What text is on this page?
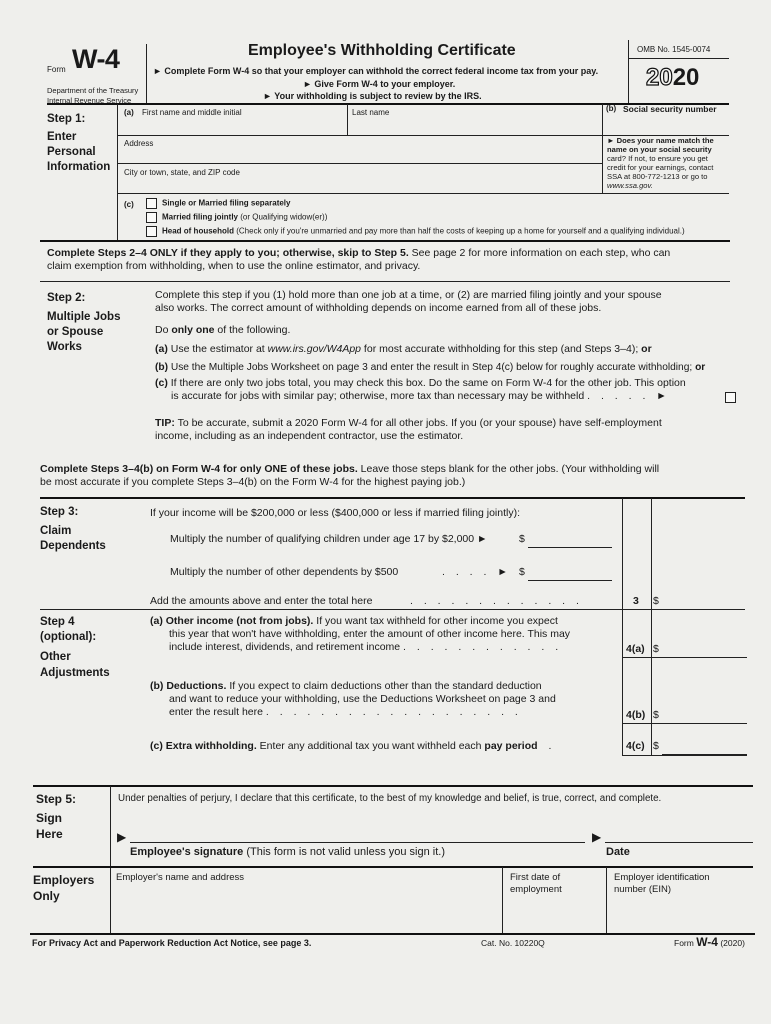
Form W-4
Department of the Treasury
Internal Revenue Service
Employee's Withholding Certificate
► Complete Form W-4 so that your employer can withhold the correct federal income tax from your pay.
► Give Form W-4 to your employer.
► Your withholding is subject to review by the IRS.
OMB No. 1545-0074
2020
Step 1:
Enter
Personal
Information
(a) First name and middle initial	Last name	(b) Social security number
Address
City or town, state, and ZIP code
► Does your name match the
name on your social security
card? If not, to ensure you get
credit for your earnings, contact
SSA at 800-772-1213 or go to
www.ssa.gov.
(c)	Single or Married filing separately
Married filing jointly (or Qualifying widow(er))
Head of household (Check only if you're unmarried and pay more than half the costs of keeping up a home for yourself and a qualifying individual.)
Complete Steps 2–4 ONLY if they apply to you; otherwise, skip to Step 5. See page 2 for more information on each step, who can
claim exemption from withholding, when to use the online estimator, and privacy.
Step 2:
Multiple Jobs
or Spouse
Works
Complete this step if you (1) hold more than one job at a time, or (2) are married filing jointly and your spouse
also works. The correct amount of withholding depends on income earned from all of these jobs.
Do only one of the following.
(a) Use the estimator at www.irs.gov/W4App for most accurate withholding for this step (and Steps 3–4); or
(b) Use the Multiple Jobs Worksheet on page 3 and enter the result in Step 4(c) below for roughly accurate withholding; or
(c) If there are only two jobs total, you may check this box. Do the same on Form W-4 for the other job. This option
is accurate for jobs with similar pay; otherwise, more tax than necessary may be withheld . . . . . ►
TIP: To be accurate, submit a 2020 Form W-4 for all other jobs. If you (or your spouse) have self-employment
income, including as an independent contractor, use the estimator.
Complete Steps 3–4(b) on Form W-4 for only ONE of these jobs. Leave those steps blank for the other jobs. (Your withholding will
be most accurate if you complete Steps 3–4(b) on the Form W-4 for the highest paying job.)
Step 3:
Claim
Dependents
If your income will be $200,000 or less ($400,000 or less if married filing jointly):
Multiply the number of qualifying children under age 17 by $2,000 ►	$
Multiply the number of other dependents by $500	. . . . ► $
Add the amounts above and enter the total here	. . . . . . . . . . . . .	3 $
Step 4
(optional):
Other
Adjustments
(a) Other income (not from jobs). If you want tax withheld for other income you expect
this year that won't have withholding, enter the amount of other income here. This may
include interest, dividends, and retirement income . . . . . . . . . . . .	4(a) $
(b) Deductions. If you expect to claim deductions other than the standard deduction
and want to reduce your withholding, use the Deductions Worksheet on page 3 and
enter the result here . . . . . . . . . . . . . . . . . . .	4(b) $
(c) Extra withholding. Enter any additional tax you want withheld each pay period .	4(c) $
Step 5:
Sign
Here
Under penalties of perjury, I declare that this certificate, to the best of my knowledge and belief, is true, correct, and complete.
▶
Employee's signature (This form is not valid unless you sign it.)
▶
Date
Employers
Only
Employer's name and address	First date of
employment
Employer identification
number (EIN)
For Privacy Act and Paperwork Reduction Act Notice, see page 3.	Cat. No. 10220Q	Form W-4 (2020)
